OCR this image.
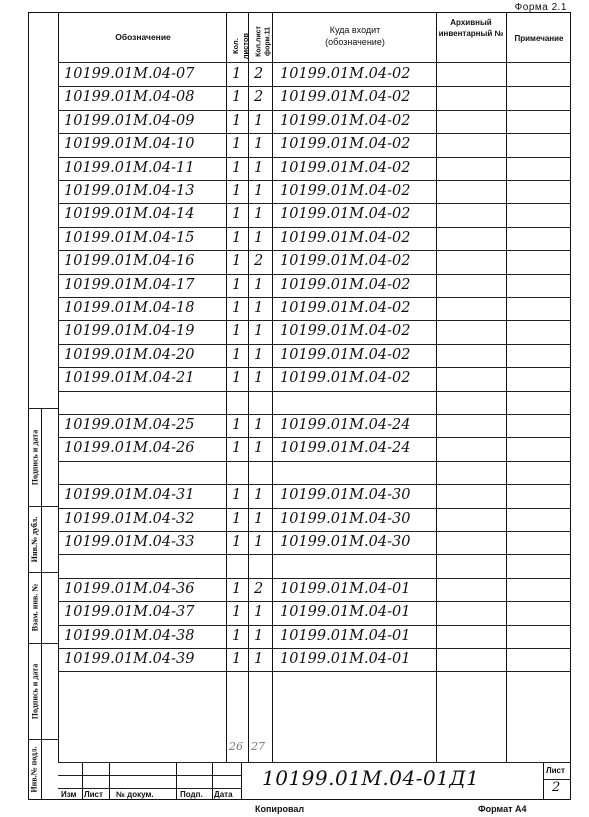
Форма 2.1
Обозначение
Кол. листов Кол.лист форм.11	Куда входит (обозначение)
Архивный инвентарный №
Примечание
Подпись и дата
Инв.№ дубл.
Взам. инв. №
Подпись и дата
Инв.№ подл.
10199.01М.04-07	1 2 10199.01М.04-02
10199.01М.04-08	1 2 10199.01М.04-02
10199.01М.04-09	1 1 10199.01М.04-02
10199.01М.04-10	1 1 10199.01М.04-02
10199.01М.04-11	1 1 10199.01М.04-02
10199.01М.04-13	1 1 10199.01М.04-02
10199.01М.04-14	1 1 10199.01М.04-02
10199.01М.04-15	1 1 10199.01М.04-02
10199.01М.04-16	1 2 10199.01М.04-02
10199.01М.04-17	1 1 10199.01М.04-02
10199.01М.04-18	1 1 10199.01М.04-02
10199.01М.04-19	1 1 10199.01М.04-02
10199.01М.04-20	1 1 10199.01М.04-02
10199.01М.04-21	1 1 10199.01М.04-02
10199.01М.04-25	1 1 10199.01М.04-24
10199.01М.04-26	1 1 10199.01М.04-24
10199.01М.04-31	1 1 10199.01М.04-30
10199.01М.04-32	1 1 10199.01М.04-30
10199.01М.04-33	1 1 10199.01М.04-30
10199.01М.04-36	1 2 10199.01М.04-01
10199.01М.04-37	1 1 10199.01М.04-01
10199.01М.04-38	1 1 10199.01М.04-01
10199.01М.04-39	1 1 10199.01М.04-01
26 27
Изм Лист № докум.	Подп. Дата
10199.01М.04-01Д1	Лист
2
Копировал	Формат А4
